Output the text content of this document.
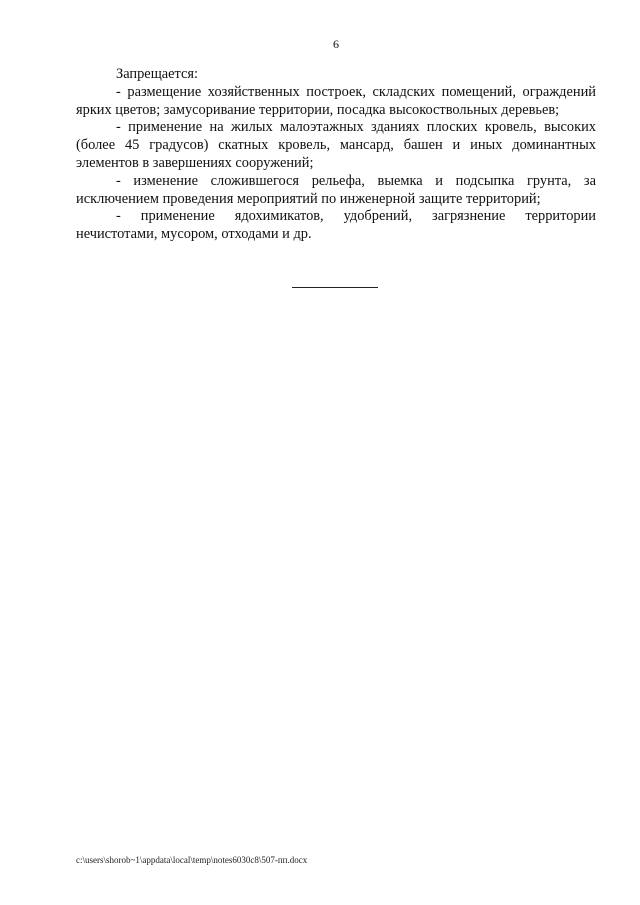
6

Запрещается:

- размещение хозяйственных построек, складских помещений, ограждений ярких цветов; замусоривание территории, посадка высокоствольных деревьев;

- применение на жилых малоэтажных зданиях плоских кровель, высоких (более 45 градусов) скатных кровель, мансард, башен и иных доминантных элементов в завершениях сооружений;

- изменение сложившегося рельефа, выемка и подсыпка грунта, за исключением проведения мероприятий по инженерной защите территорий;

- применение ядохимикатов, удобрений, загрязнение территории нечистотами, мусором, отходами и др.

c:\users\shorob~1\appdata\local\temp\notes6030c8\507-пп.docx
